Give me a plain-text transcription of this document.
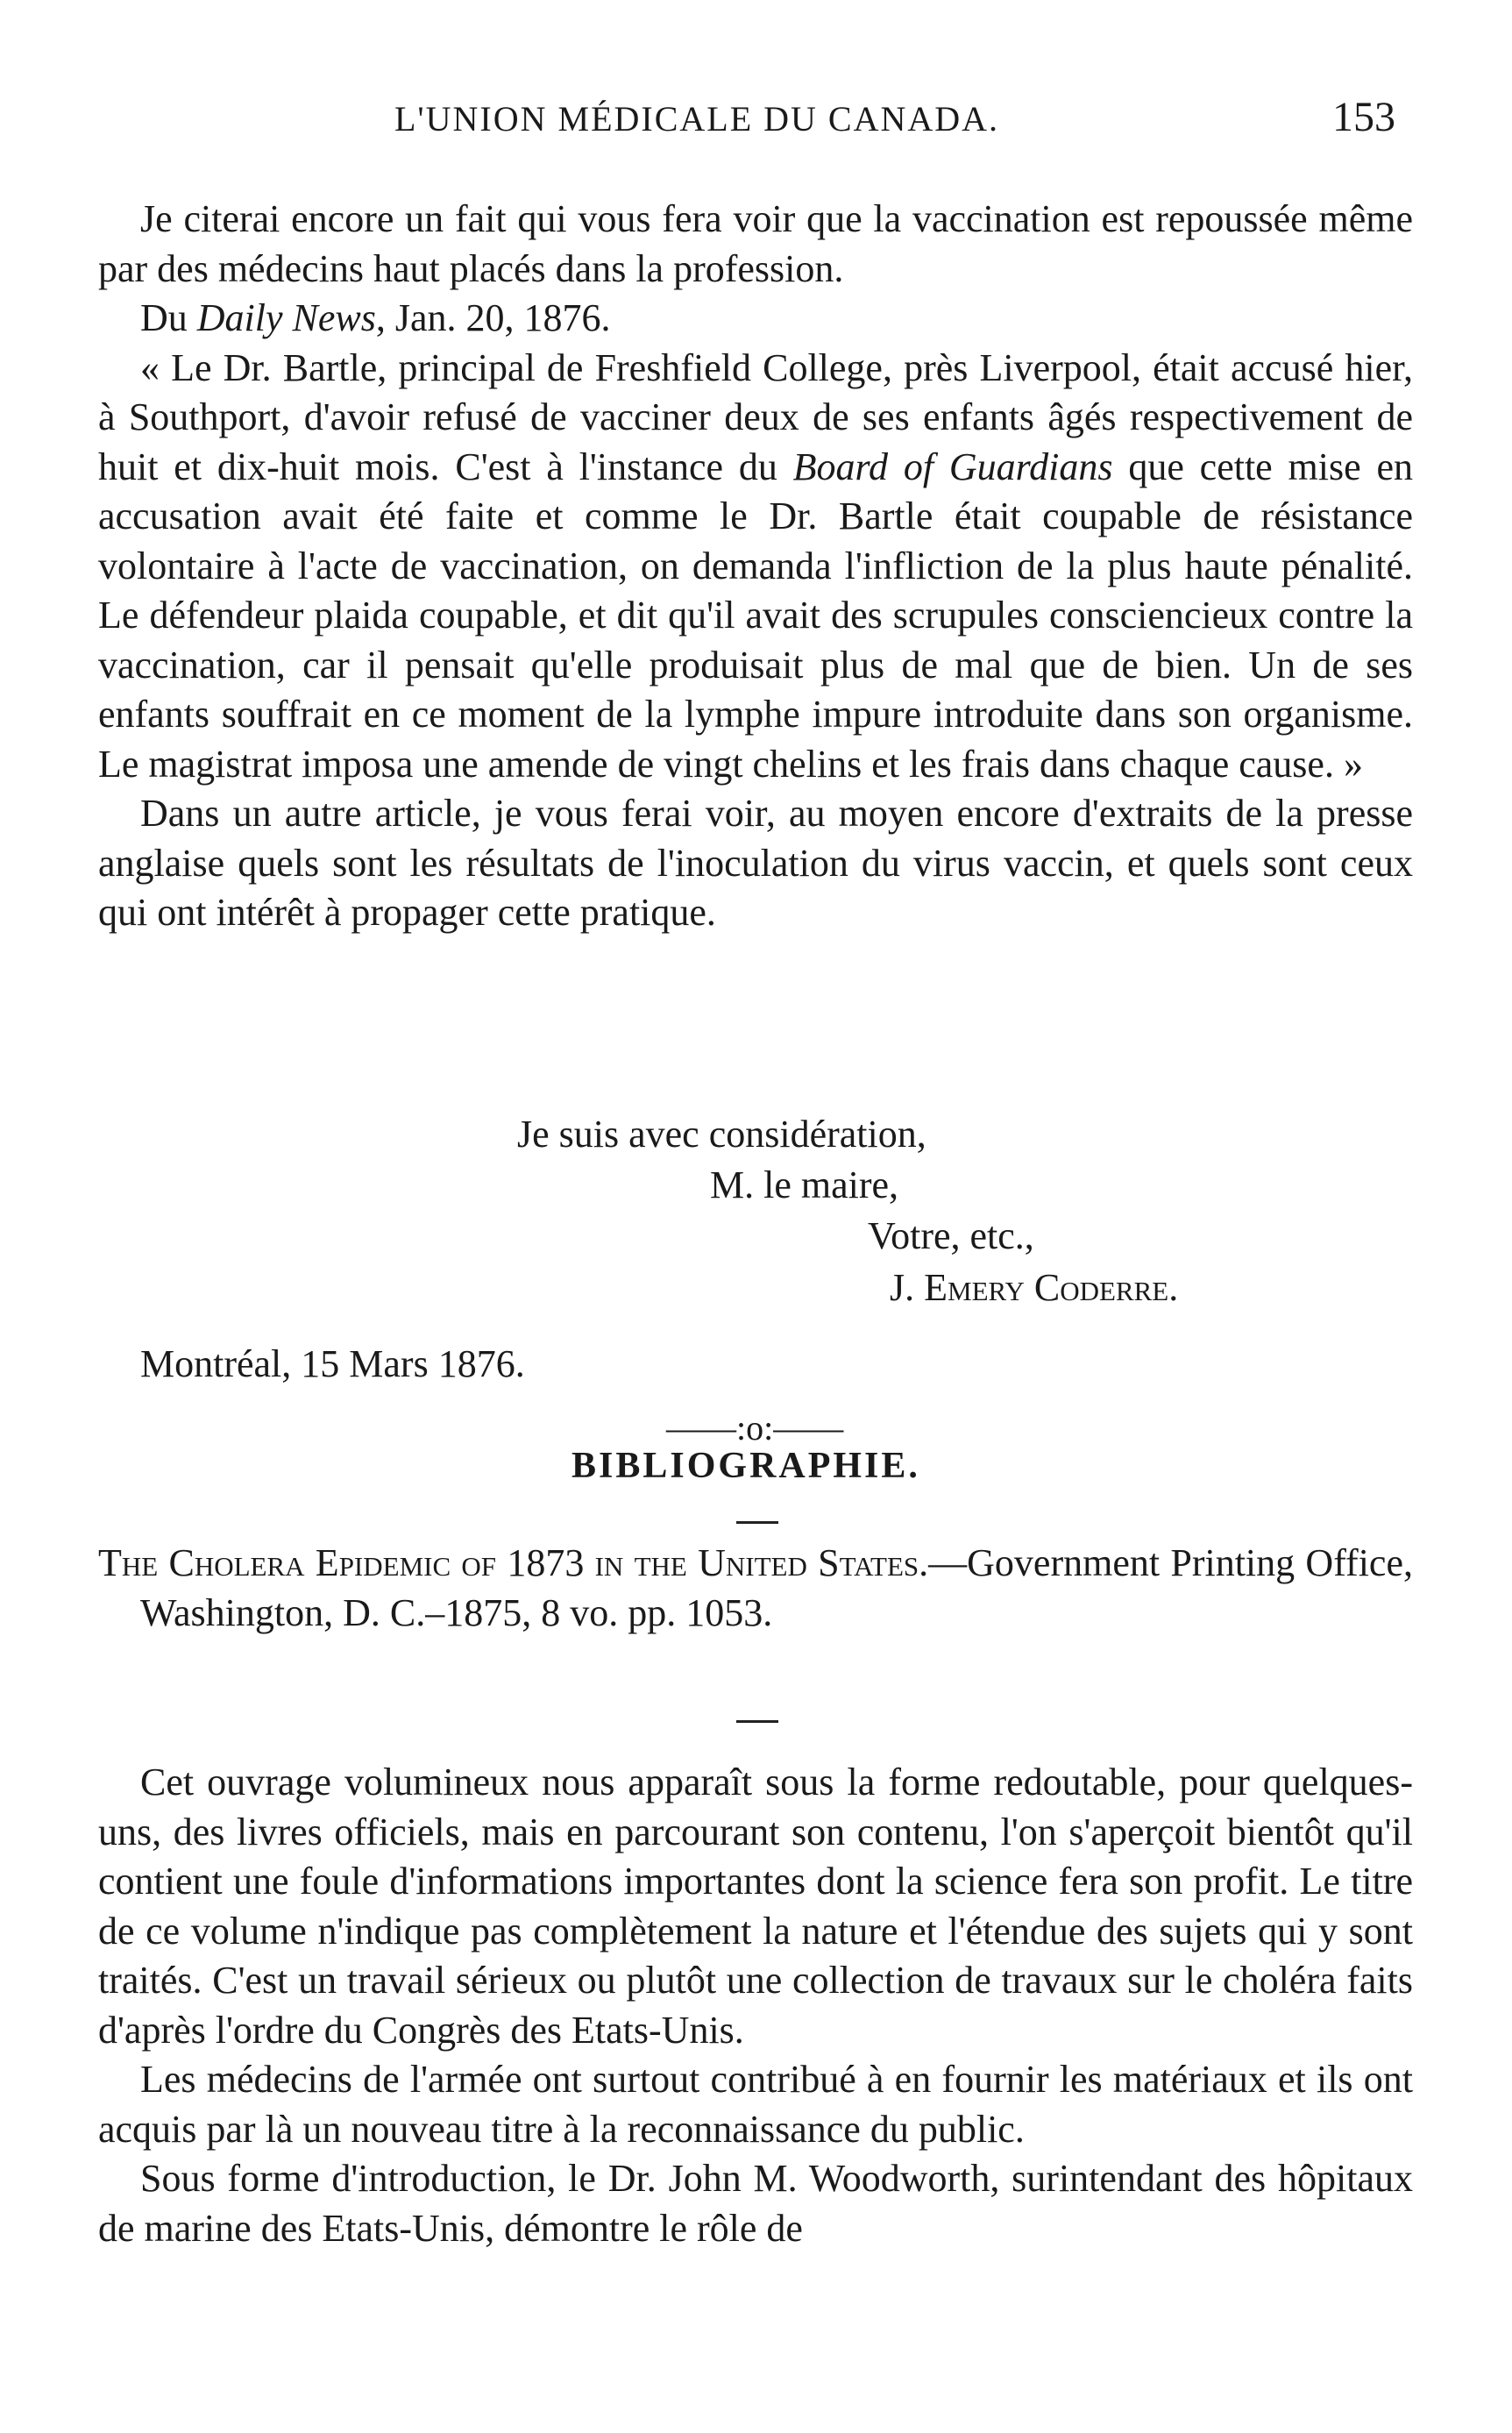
L'UNION MÉDICALE DU CANADA.	153

Je citerai encore un fait qui vous fera voir que la vaccination est repoussée même par des médecins haut placés dans la profession.

Du Daily News, Jan. 20, 1876.

« Le Dr. Bartle, principal de Freshfield College, près Liverpool, était accusé hier, à Southport, d'avoir refusé de vacciner deux de ses enfants âgés respectivement de huit et dix-huit mois. C'est à l'instance du Board of Guardians que cette mise en accusation avait été faite et comme le Dr. Bartle était coupable de résistance volontaire à l'acte de vaccination, on demanda l'infliction de la plus haute pénalité. Le défendeur plaida coupable, et dit qu'il avait des scrupules consciencieux contre la vaccination, car il pensait qu'elle produisait plus de mal que de bien. Un de ses enfants souffrait en ce moment de la lymphe impure introduite dans son organisme. Le magistrat imposa une amende de vingt chelins et les frais dans chaque cause. »

Dans un autre article, je vous ferai voir, au moyen encore d'extraits de la presse anglaise quels sont les résultats de l'inoculation du virus vaccin, et quels sont ceux qui ont intérêt à propager cette pratique.

Je suis avec considération,
M. le maire,
Votre, etc.,
J. Emery Coderre.
Montréal, 15 Mars 1876.
——:o:——
BIBLIOGRAPHIE.

The Cholera Epidemic of 1873 in the United States.—Government Printing Office, Washington, D. C.–1875, 8 vo. pp. 1053.

Cet ouvrage volumineux nous apparaît sous la forme redoutable, pour quelques-uns, des livres officiels, mais en parcourant son contenu, l'on s'aperçoit bientôt qu'il contient une foule d'informations importantes dont la science fera son profit. Le titre de ce volume n'indique pas complètement la nature et l'étendue des sujets qui y sont traités. C'est un travail sérieux ou plutôt une collection de travaux sur le choléra faits d'après l'ordre du Congrès des Etats-Unis.

Les médecins de l'armée ont surtout contribué à en fournir les matériaux et ils ont acquis par là un nouveau titre à la reconnaissance du public.

Sous forme d'introduction, le Dr. John M. Woodworth, surintendant des hôpitaux de marine des Etats-Unis, démontre le rôle de
